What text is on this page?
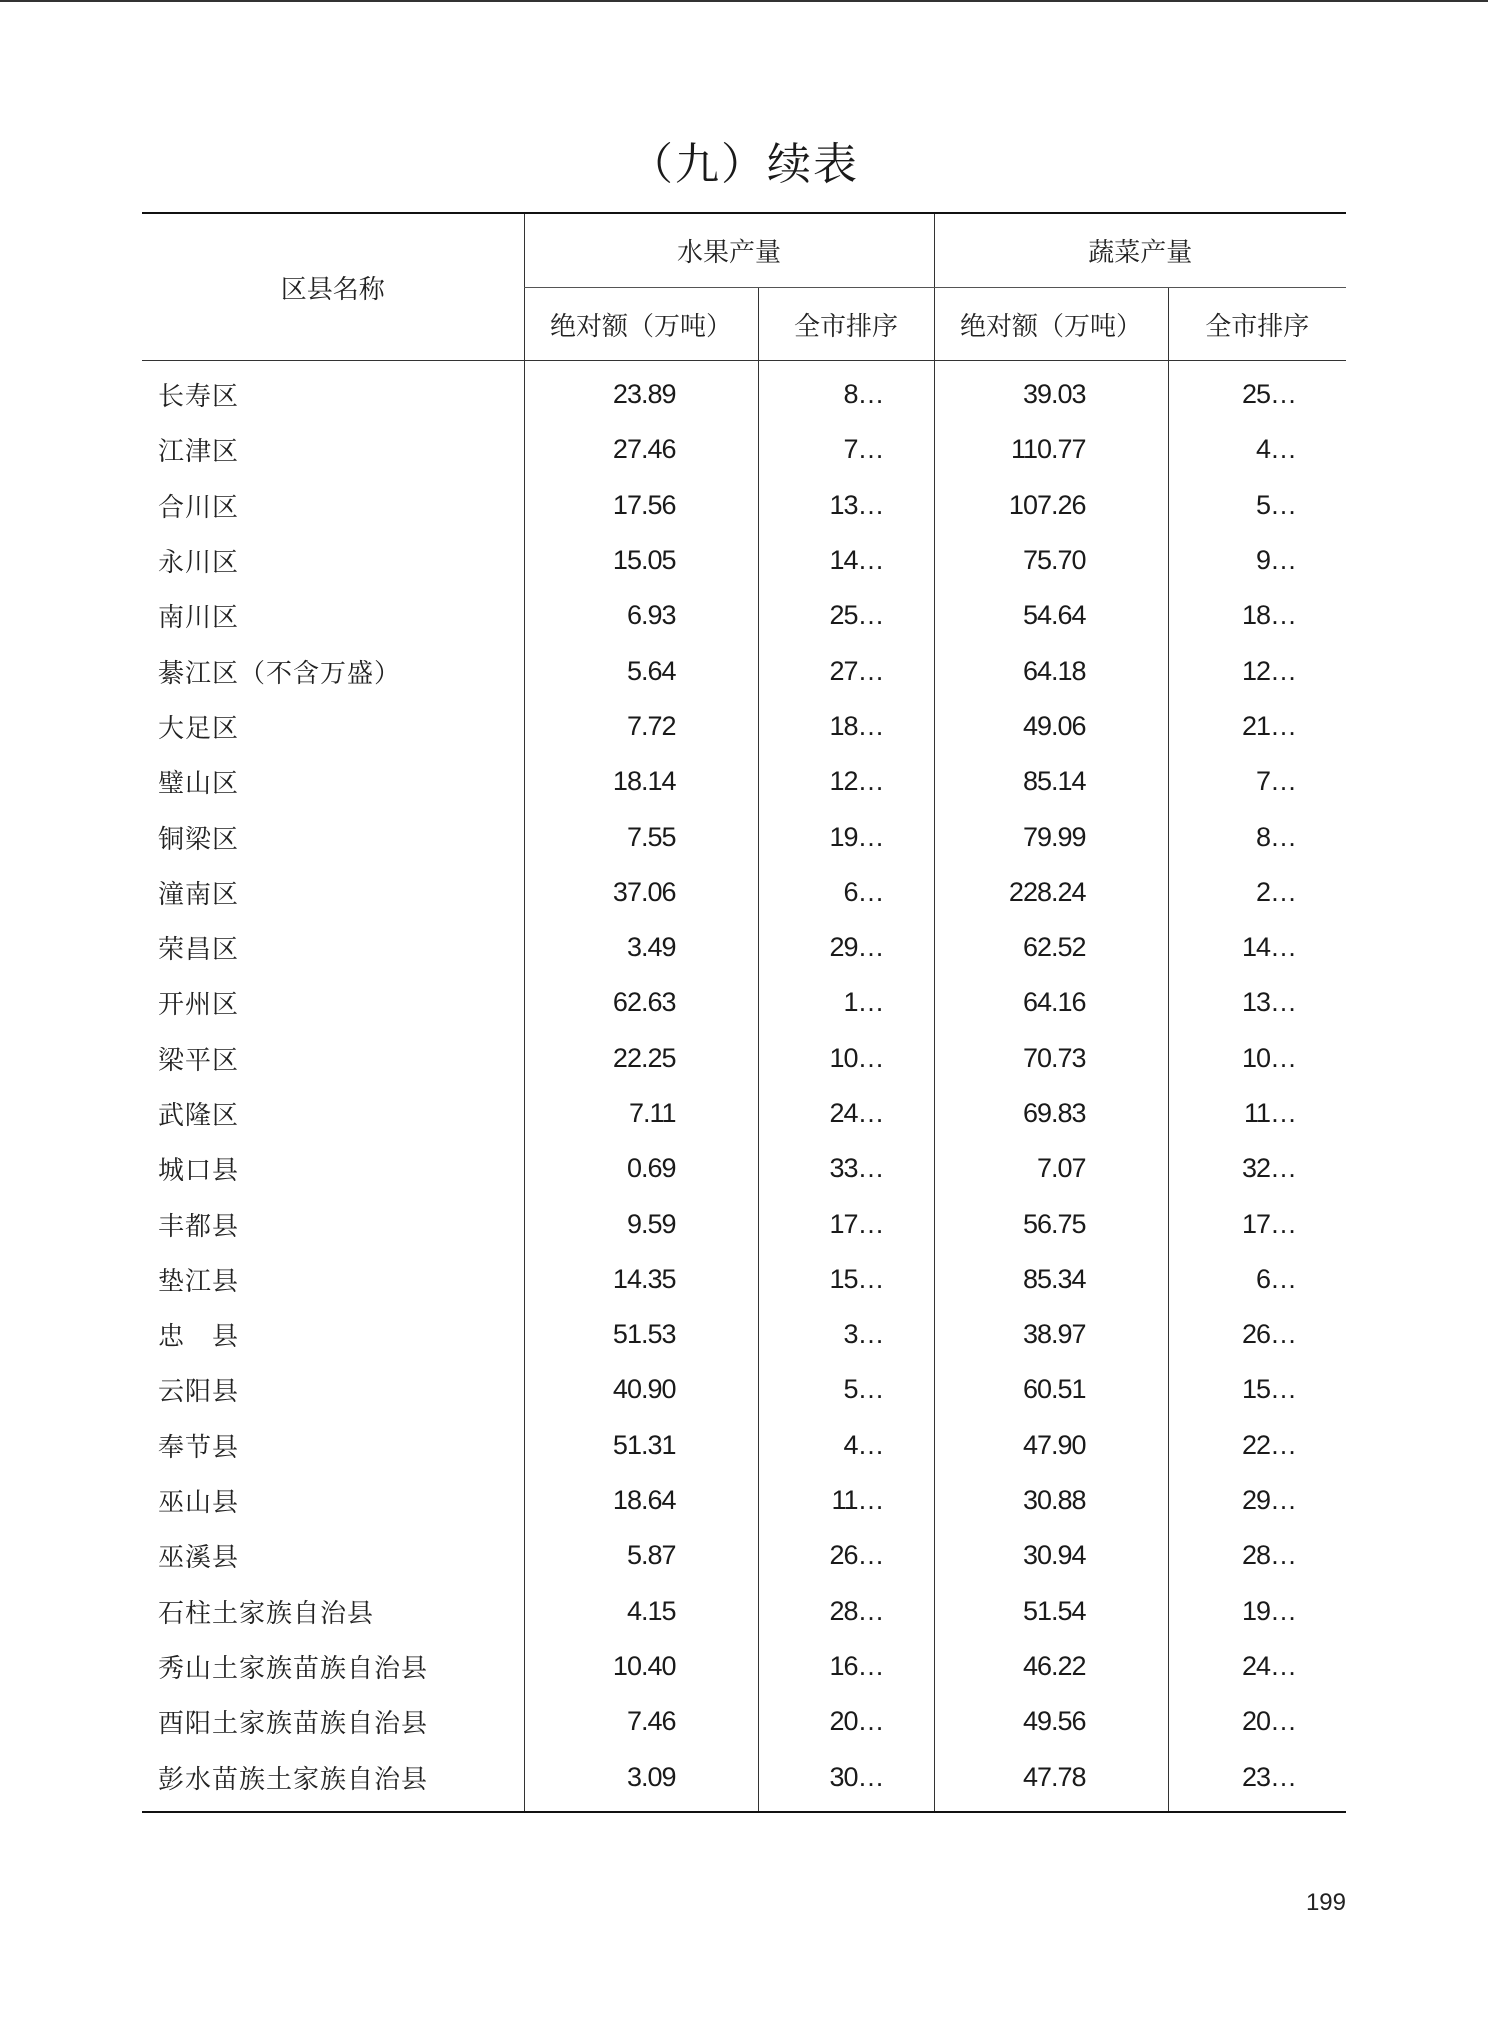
（九）续表
区县名称	水果产量		蔬菜产量	
	绝对额（万吨）	全市排序	绝对额（万吨）	全市排序
长寿区	23.89	8…	39.03	25…
江津区	27.46	7…	110.77	4…
合川区	17.56	13…	107.26	5…
永川区	15.05	14…	75.70	9…
南川区	6.93	25…	54.64	18…
綦江区（不含万盛）	5.64	27…	64.18	12…
大足区	7.72	18…	49.06	21…
璧山区	18.14	12…	85.14	7…
铜梁区	7.55	19…	79.99	8…
潼南区	37.06	6…	228.24	2…
荣昌区	3.49	29…	62.52	14…
开州区	62.63	1…	64.16	13…
梁平区	22.25	10…	70.73	10…
武隆区	7.11	24…	69.83	11…
城口县	0.69	33…	7.07	32…
丰都县	9.59	17…	56.75	17…
垫江县	14.35	15…	85.34	6…
忠　县	51.53	3…	38.97	26…
云阳县	40.90	5…	60.51	15…
奉节县	51.31	4…	47.90	22…
巫山县	18.64	11…	30.88	29…
巫溪县	5.87	26…	30.94	28…
石柱土家族自治县	4.15	28…	51.54	19…
秀山土家族苗族自治县	10.40	16…	46.22	24…
酉阳土家族苗族自治县	7.46	20…	49.56	20…
彭水苗族土家族自治县	3.09	30…	47.78	23…
199
